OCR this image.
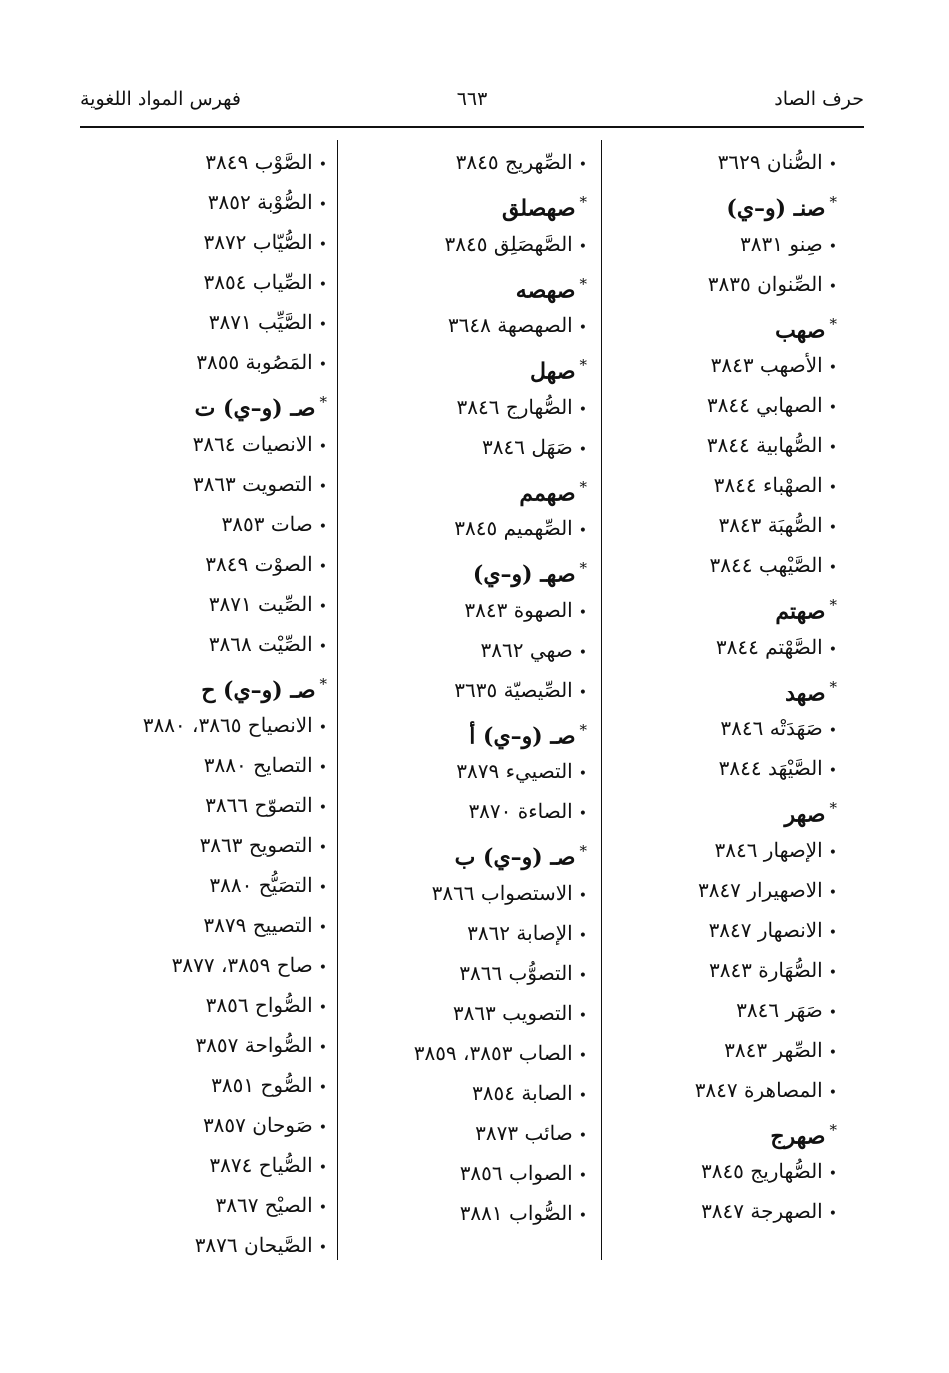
حرف الصاد
٦٦٣
فهرس المواد اللغوية
•الصُّنان ٣٦٢٩
*صنـ (و–ي)
•صِنو ٣٨٣١
•الصِّنوان ٣٨٣٥
*صهب
•الأصهب ٣٨٤٣
•الصهابي ٣٨٤٤
•الصُّهابية ٣٨٤٤
•الصهْباء ٣٨٤٤
•الصُّهبَة ٣٨٤٣
•الصَّيْهب ٣٨٤٤
*صهتم
•الصَّهْتم ٣٨٤٤
*صهد
•صَهَدَتْه ٣٨٤٦
•الصَّيْهَد ٣٨٤٤
*صهر
•الإصهار ٣٨٤٦
•الاصهيرار ٣٨٤٧
•الانصهار ٣٨٤٧
•الصُّهَارة ٣٨٤٣
•صَهَر ٣٨٤٦
•الصِّهر ٣٨٤٣
•المصاهرة ٣٨٤٧
*صهرج
•الصُّهاريج ٣٨٤٥
•الصهرجة ٣٨٤٧
•الصِّهريج ٣٨٤٥
*صهصلق
•الصَّهصَلِق ٣٨٤٥
*صهصه
•الصهصهة ٣٦٤٨
*صهل
•الصُّهارج ٣٨٤٦
•صَهَل ٣٨٤٦
*صهمم
•الصِّهميم ٣٨٤٥
*صهـ (و–ي)
•الصهوة ٣٨٤٣
•صهي ٣٨٦٢
•الصِّيصيّة ٣٦٣٥
*صـ (و–ي) أ
•التصييء ٣٨٧٩
•الصاءة ٣٨٧٠
*صـ (و–ي) ب
•الاستصواب ٣٨٦٦
•الإصابة ٣٨٦٢
•التصوُّب ٣٨٦٦
•التصويب ٣٨٦٣
•الصاب ٣٨٥٣، ٣٨٥٩
•الصابة ٣٨٥٤
•صائب ٣٨٧٣
•الصواب ٣٨٥٦
•الصُّواب ٣٨٨١
•الصَّوْب ٣٨٤٩
•الصُّوْبة ٣٨٥٢
•الصُّيّاب ٣٨٧٢
•الصِّياب ٣٨٥٤
•الصَّيِّب ٣٨٧١
•المَصُوبة ٣٨٥٥
*صـ (و–ي) ت
•الانصيات ٣٨٦٤
•التصويت ٣٨٦٣
•صات ٣٨٥٣
•الصوْت ٣٨٤٩
•الصِّيت ٣٨٧١
•الصِّيْت ٣٨٦٨
*صـ (و–ي) ح
•الانصياح ٣٨٦٥، ٣٨٨٠
•التصايح ٣٨٨٠
•التصوّح ٣٨٦٦
•التصويح ٣٨٦٣
•التصَيُّح ٣٨٨٠
•التصييح ٣٨٧٩
•صاح ٣٨٥٩، ٣٨٧٧
•الصُّواح ٣٨٥٦
•الصُّواحة ٣٨٥٧
•الصُّوح ٣٨٥١
•صَوحان ٣٨٥٧
•الصُّياح ٣٨٧٤
•الصيْح ٣٨٦٧
•الصَّيحان ٣٨٧٦
